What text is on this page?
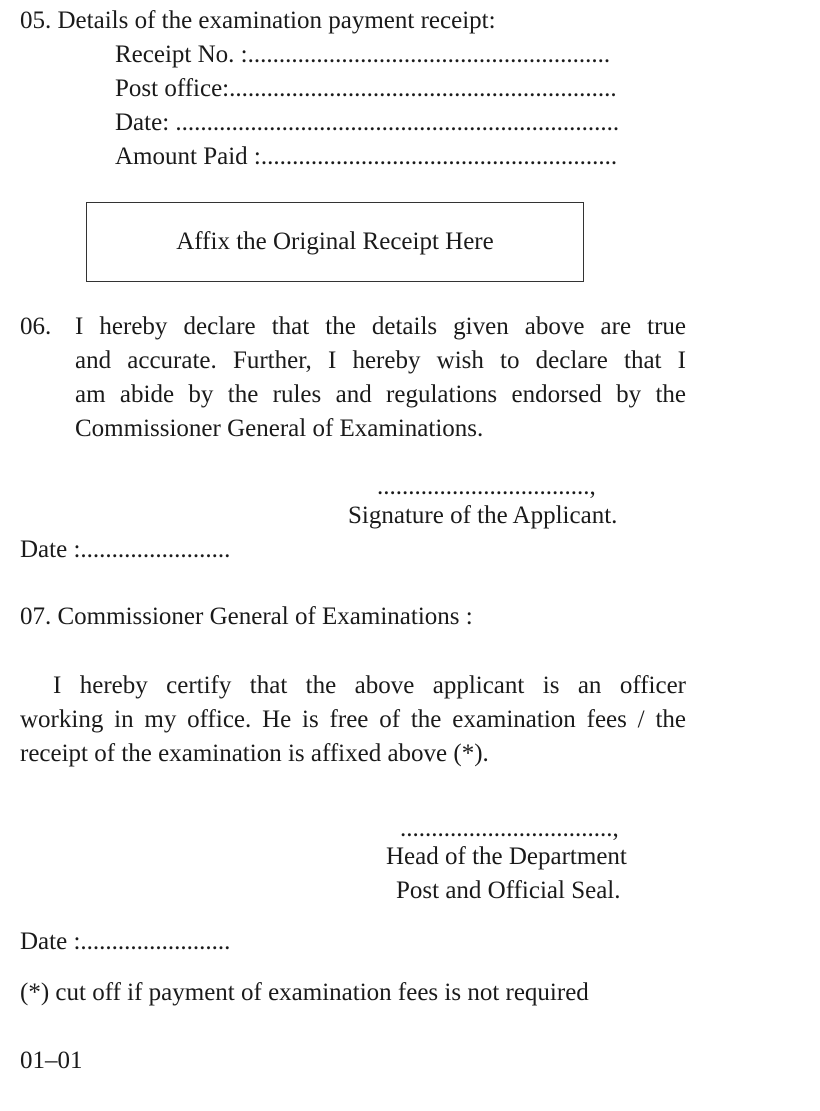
05. Details of the examination payment receipt:
Receipt No. :..........................................................
Post office:..............................................................
Date: .......................................................................
Amount Paid :.........................................................
Affix the Original Receipt Here
06. I hereby declare that the details given above are true
and accurate. Further, I hereby wish to declare that I
am abide by the rules and regulations endorsed by the
Commissioner General of Examinations.
..................................,
Signature of the Applicant.
Date :........................
07. Commissioner General of Examinations :
I hereby certify that the above applicant is an officer
working in my office. He is free of the examination fees / the
receipt of the examination is affixed above (*).
..................................,
Head of the Department
Post and Official Seal.
Date :........................
(*) cut off if payment of examination fees is not required
01–01
